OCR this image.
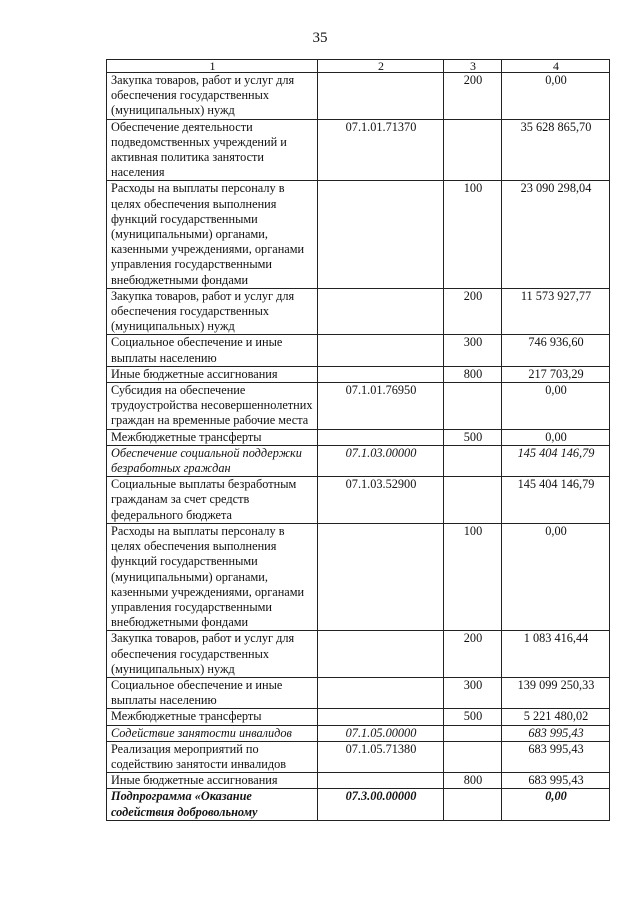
35
1	2	3	4
Закупка товаров, работ и услуг для обеспечения государственных (муниципальных) нужд		200	0,00
Обеспечение деятельности подведомственных учреждений и активная политика занятости населения	07.1.01.71370		35 628 865,70
Расходы на выплаты персоналу в целях обеспечения выполнения функций государственными (муниципальными) органами, казенными учреждениями, органами управления государственными внебюджетными фондами		100	23 090 298,04
Закупка товаров, работ и услуг для обеспечения государственных (муниципальных) нужд		200	11 573 927,77
Социальное обеспечение и иные выплаты населению		300	746 936,60
Иные бюджетные ассигнования		800	217 703,29
Субсидия на обеспечение трудоустройства несовершеннолетних граждан на временные рабочие места	07.1.01.76950		0,00
Межбюджетные трансферты		500	0,00
Обеспечение социальной поддержки безработных граждан	07.1.03.00000		145 404 146,79
Социальные выплаты безработным гражданам за счет средств федерального бюджета	07.1.03.52900		145 404 146,79
Расходы на выплаты персоналу в целях обеспечения выполнения функций государственными (муниципальными) органами, казенными учреждениями, органами управления государственными внебюджетными фондами		100	0,00
Закупка товаров, работ и услуг для обеспечения государственных (муниципальных) нужд		200	1 083 416,44
Социальное обеспечение и иные выплаты населению		300	139 099 250,33
Межбюджетные трансферты		500	5 221 480,02
Содействие занятости инвалидов	07.1.05.00000		683 995,43
Реализация мероприятий по содействию занятости инвалидов	07.1.05.71380		683 995,43
Иные бюджетные ассигнования		800	683 995,43
Подпрограмма «Оказание содействия добровольному	07.3.00.00000		0,00
